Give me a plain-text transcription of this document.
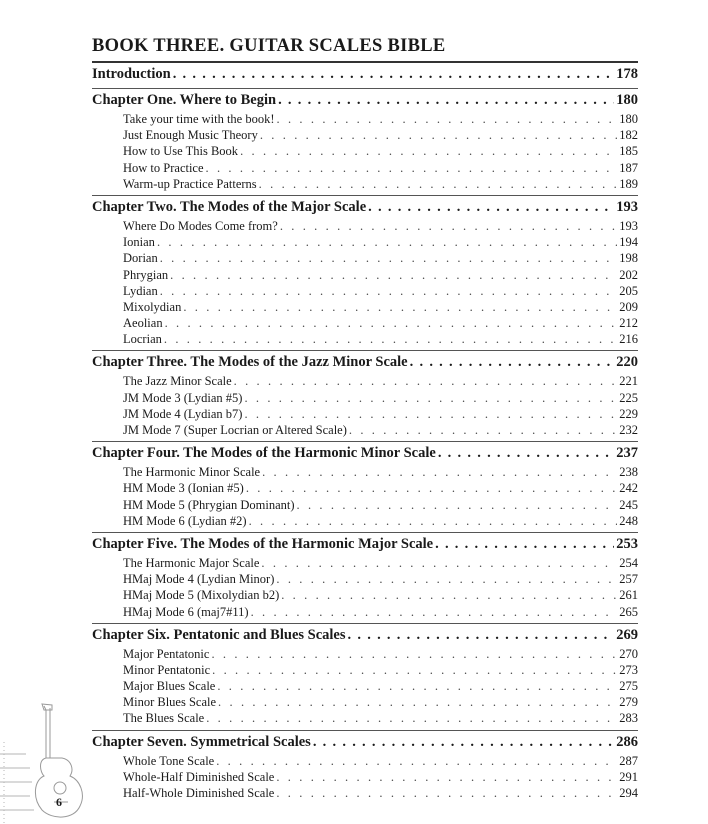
BOOK THREE. GUITAR SCALES BIBLE
Introduction . . .	178
Chapter One. Where to Begin . . .	180
Take your time with the book! . . .	180
Just Enough Music Theory . . .	182
How to Use This Book . . .	185
How to Practice . . .	187
Warm-up Practice Patterns . . .	189
Chapter Two. The Modes of the Major Scale . . .	193
Where Do Modes Come from? . . .	193
Ionian . . .	194
Dorian . . .	198
Phrygian . . .	202
Lydian . . .	205
Mixolydian . . .	209
Aeolian . . .	212
Locrian . . .	216
Chapter Three. The Modes of the Jazz Minor Scale . . .	220
The Jazz Minor Scale . . .	221
JM Mode 3 (Lydian #5) . . .	225
JM Mode 4 (Lydian b7) . . .	229
JM Mode 7 (Super Locrian or Altered Scale) . . .	232
Chapter Four. The Modes of the Harmonic Minor Scale . . .	237
The Harmonic Minor Scale . . .	238
HM Mode 3 (Ionian #5) . . .	242
HM Mode 5 (Phrygian Dominant) . . .	245
HM Mode 6 (Lydian #2) . . .	248
Chapter Five. The Modes of the Harmonic Major Scale . . .	253
The Harmonic Major Scale . . .	254
HMaj Mode 4 (Lydian Minor) . . .	257
HMaj Mode 5 (Mixolydian b2) . . .	261
HMaj Mode 6 (maj7#11) . . .	265
Chapter Six. Pentatonic and Blues Scales . . .	269
Major Pentatonic . . .	270
Minor Pentatonic . . .	273
Major Blues Scale . . .	275
Minor Blues Scale . . .	279
The Blues Scale . . .	283
Chapter Seven. Symmetrical Scales . . .	286
Whole Tone Scale . . .	287
Whole-Half Diminished Scale . . .	291
Half-Whole Diminished Scale . . .	294
6
